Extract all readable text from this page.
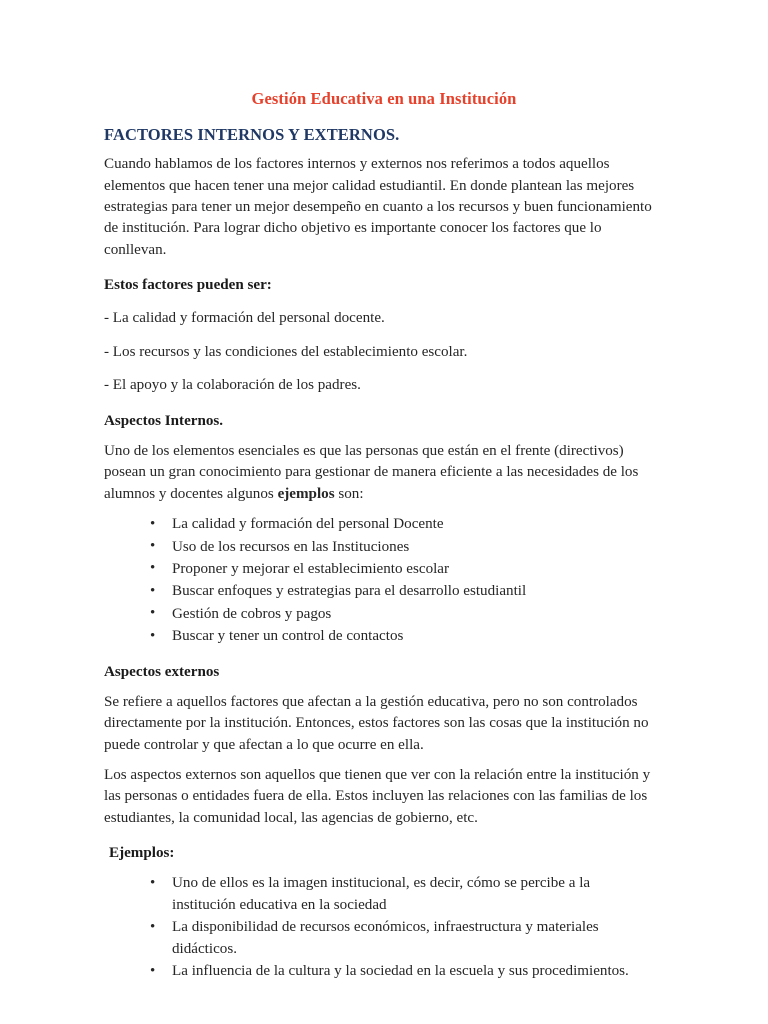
Gestión Educativa en una Institución
FACTORES INTERNOS Y EXTERNOS.

Cuando hablamos de los factores internos y externos nos referimos a todos aquellos elementos que hacen tener una mejor calidad estudiantil. En donde plantean las mejores estrategias para tener un mejor desempeño en cuanto a los recursos y buen funcionamiento de institución. Para lograr dicho objetivo es importante conocer los factores que lo conllevan.

Estos factores pueden ser:

- La calidad y formación del personal docente.

- Los recursos y las condiciones del establecimiento escolar.

- El apoyo y la colaboración de los padres.

Aspectos Internos.

Uno de los elementos esenciales es que las personas que están en el frente (directivos) posean un gran conocimiento para gestionar de manera eficiente a las necesidades de los alumnos y docentes algunos ejemplos son:

• La calidad y formación del personal Docente
• Uso de los recursos en las Instituciones
• Proponer y mejorar el establecimiento escolar
• Buscar enfoques y estrategias para el desarrollo estudiantil
• Gestión de cobros y pagos
• Buscar y tener un control de contactos

Aspectos externos

Se refiere a aquellos factores que afectan a la gestión educativa, pero no son controlados directamente por la institución. Entonces, estos factores son las cosas que la institución no puede controlar y que afectan a lo que ocurre en ella.

Los aspectos externos son aquellos que tienen que ver con la relación entre la institución y las personas o entidades fuera de ella. Estos incluyen las relaciones con las familias de los estudiantes, la comunidad local, las agencias de gobierno, etc.

Ejemplos:

• Uno de ellos es la imagen institucional, es decir, cómo se percibe a la institución educativa en la sociedad
• La disponibilidad de recursos económicos, infraestructura y materiales didácticos.
• La influencia de la cultura y la sociedad en la escuela y sus procedimientos.
